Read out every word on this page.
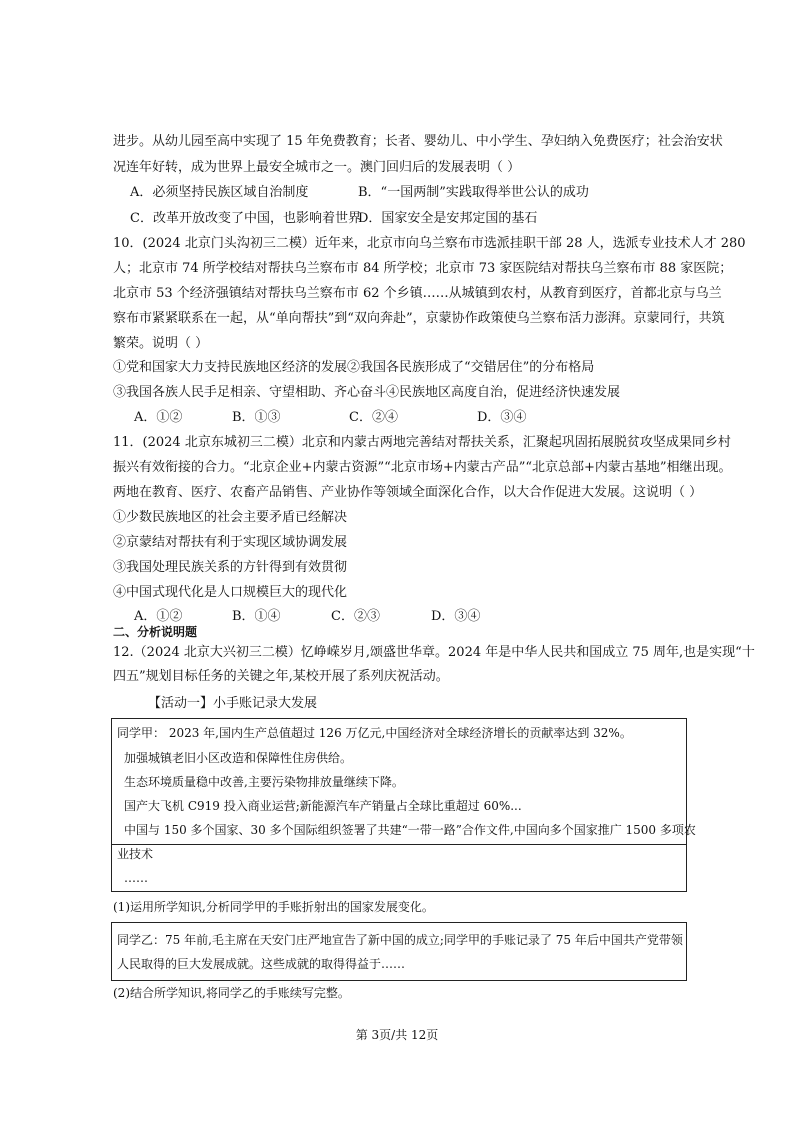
进步。从幼儿园至高中实现了 15 年免费教育；长者、婴幼儿、中小学生、孕妇纳入免费医疗；社会治安状
况连年好转，成为世界上最安全城市之一。澳门回归后的发展表明（ ）
A．必须坚持民族区域自治制度	B．“一国两制”实践取得举世公认的成功
C．改革开放改变了中国，也影响着世界
D．国家安全是安邦定国的基石
10．(2024 北京门头沟初三二模）近年来，北京市向乌兰察布市选派挂职干部 28 人，选派专业技术人才 280
人；北京市 74 所学校结对帮扶乌兰察布市 84 所学校；北京市 73 家医院结对帮扶乌兰察布市 88 家医院；
北京市 53 个经济强镇结对帮扶乌兰察布市 62 个乡镇……从城镇到农村，从教育到医疗，首都北京与乌兰
察布市紧紧联系在一起，从“单向帮扶”到“双向奔赴”，京蒙协作政策使乌兰察布活力澎湃。京蒙同行，共筑
繁荣。说明（ ）
①党和国家大力支持民族地区经济的发展②我国各民族形成了“交错居住”的分布格局
③我国各族人民手足相亲、守望相助、齐心奋斗④民族地区高度自治，促进经济快速发展
A．①②	B．①③	C．②④	D．③④
11．(2024 北京东城初三二模）北京和内蒙古两地完善结对帮扶关系，汇聚起巩固拓展脱贫攻坚成果同乡村
振兴有效衔接的合力。“北京企业+内蒙古资源”“北京市场+内蒙古产品”“北京总部+内蒙古基地”相继出现。
两地在教育、医疗、农畜产品销售、产业协作等领域全面深化合作，以大合作促进大发展。这说明（ ）
①少数民族地区的社会主要矛盾已经解决
②京蒙结对帮扶有利于实现区域协调发展
③我国处理民族关系的方针得到有效贯彻
④中国式现代化是人口规模巨大的现代化
A．①②	B．①④	C．②③	D．③④
二、分析说明题
12.（2024 北京大兴初三二模）忆峥嵘岁月,颂盛世华章。2024 年是中华人民共和国成立 75 周年,也是实现“十
四五”规划目标任务的关键之年,某校开展了系列庆祝活动。
【活动一】小手账记录大发展
同学甲： 2023 年,国内生产总值超过 126 万亿元,中国经济对全球经济增长的贡献率达到 32%。
加强城镇老旧小区改造和保障性住房供给。
生态环境质量稳中改善,主要污染物排放量继续下降。
国产大飞机 C919 投入商业运营;新能源汽车产销量占全球比重超过 60%...
中国与 150 多个国家、30 多个国际组织签署了共建“一带一路”合作文件,中国向多个国家推广 1500 多项农
业技术
……
(1)运用所学知识,分析同学甲的手账折射出的国家发展变化。
同学乙：75 年前,毛主席在天安门庄严地宣告了新中国的成立;同学甲的手账记录了 75 年后中国共产党带领
人民取得的巨大发展成就。这些成就的取得得益于……
(2)结合所学知识,将同学乙的手账续写完整。
第 3页/共 12页
